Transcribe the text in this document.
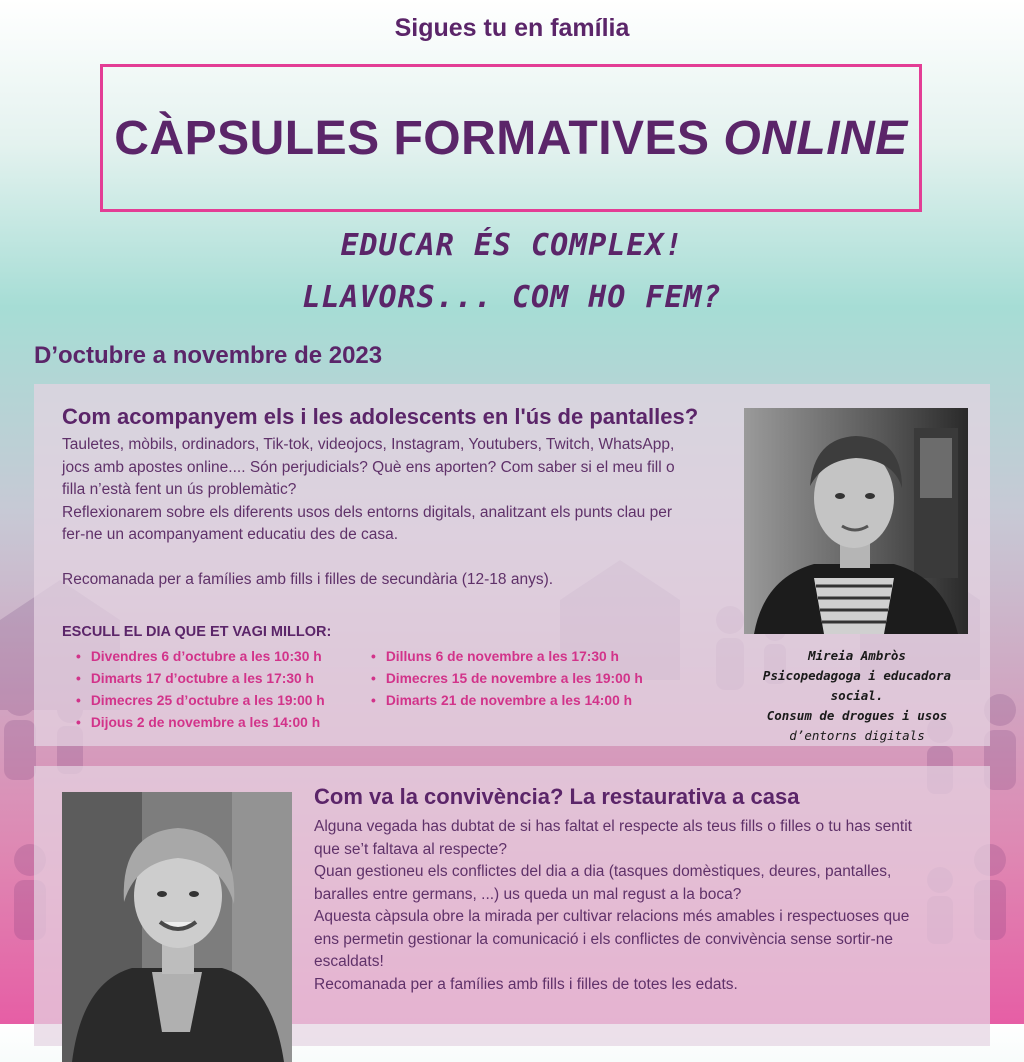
Sigues tu en família
CÀPSULES FORMATIVES ONLINE
EDUCAR ÉS COMPLEX!
LLAVORS... COM HO FEM?
D’octubre a novembre de 2023
Com acompanyem els i les adolescents en l'ús de pantalles?

Tauletes, mòbils, ordinadors, Tik-tok, videojocs, Instagram, Youtubers, Twitch, WhatsApp,

jocs amb apostes online.... Són perjudicials? Què ens aporten? Com saber si el meu fill o

filla n’està fent un ús problemàtic?

Reflexionarem sobre els diferents usos dels entorns digitals, analitzant els punts clau per

fer-ne un acompanyament educatiu des de casa.

Recomanada per a famílies amb fills i filles de secundària (12-18 anys).

ESCULL EL DIA QUE ET VAGI MILLOR:
• Divendres 6 d’octubre a les 10:30 h
• Dimarts 17 d’octubre a les 17:30 h
• Dimecres 25 d’octubre a les 19:00 h
• Dijous 2 de novembre a les 14:00 h
• Dilluns 6 de novembre a les 17:30 h
• Dimecres 15 de novembre a les 19:00 h
• Dimarts 21 de novembre a les 14:00 h
Mireia Ambròs
Psicopedagoga i educadora social.
Consum de drogues i usos
d’entorns digitals
Com va la convivència? La restaurativa a casa

Alguna vegada has dubtat de si has faltat el respecte als teus fills o filles o tu has sentit

que se’t faltava al respecte?

Quan gestioneu els conflictes del dia a dia (tasques domèstiques, deures, pantalles,

baralles entre germans, ...) us queda un mal regust a la boca?

Aquesta càpsula obre la mirada per cultivar relacions més amables i respectuoses que

ens permetin gestionar la comunicació i els conflictes de convivència sense sortir-ne

escaldats!

Recomanada per a famílies amb fills i filles de totes les edats.
